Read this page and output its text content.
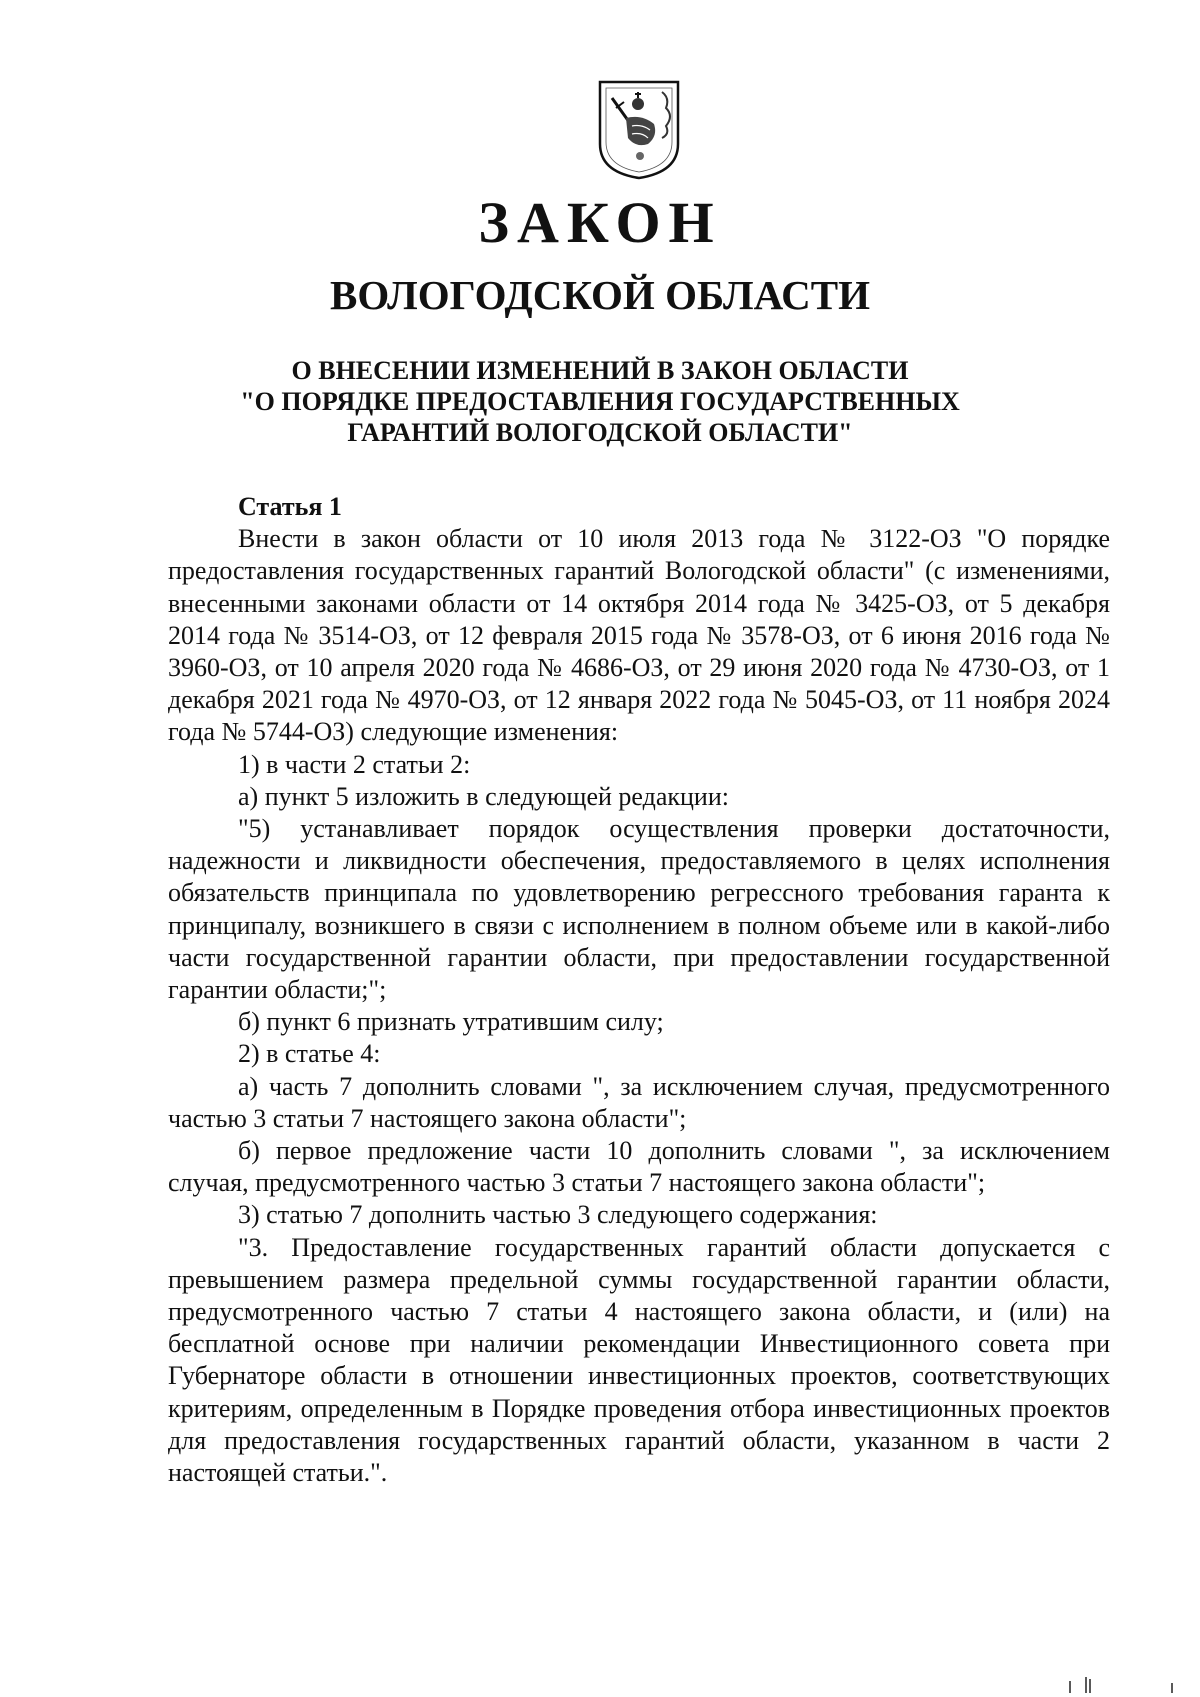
ЗАКОН
ВОЛОГОДСКОЙ ОБЛАСТИ
О ВНЕСЕНИИ ИЗМЕНЕНИЙ В ЗАКОН ОБЛАСТИ
"О ПОРЯДКЕ ПРЕДОСТАВЛЕНИЯ ГОСУДАРСТВЕННЫХ
ГАРАНТИЙ ВОЛОГОДСКОЙ ОБЛАСТИ"
Статья 1

Внести в закон области от 10 июля 2013 года № 3122-ОЗ "О порядке предоставления государственных гарантий Вологодской области" (с изменениями, внесенными законами области от 14 октября 2014 года № 3425-ОЗ, от 5 декабря 2014 года № 3514-ОЗ, от 12 февраля 2015 года № 3578-ОЗ, от 6 июня 2016 года № 3960-ОЗ, от 10 апреля 2020 года № 4686-ОЗ, от 29 июня 2020 года № 4730-ОЗ, от 1 декабря 2021 года № 4970-ОЗ, от 12 января 2022 года № 5045-ОЗ, от 11 ноября 2024 года № 5744-ОЗ) следующие изменения:

1) в части 2 статьи 2:

а) пункт 5 изложить в следующей редакции:

"5) устанавливает порядок осуществления проверки достаточности, надежности и ликвидности обеспечения, предоставляемого в целях исполнения обязательств принципала по удовлетворению регрессного требования гаранта к принципалу, возникшего в связи с исполнением в полном объеме или в какой-либо части государственной гарантии области, при предоставлении государственной гарантии области;";

б) пункт 6 признать утратившим силу;

2) в статье 4:

а) часть 7 дополнить словами ", за исключением случая, предусмотренного частью 3 статьи 7 настоящего закона области";

б) первое предложение части 10 дополнить словами ", за исключением случая, предусмотренного частью 3 статьи 7 настоящего закона области";

3) статью 7 дополнить частью 3 следующего содержания:

"3. Предоставление государственных гарантий области допускается с превышением размера предельной суммы государственной гарантии области, предусмотренного частью 7 статьи 4 настоящего закона области, и (или) на бесплатной основе при наличии рекомендации Инвестиционного совета при Губернаторе области в отношении инвестиционных проектов, соответствующих критериям, определенным в Порядке проведения отбора инвестиционных проектов для предоставления государственных гарантий области, указанном в части 2 настоящей статьи.".
